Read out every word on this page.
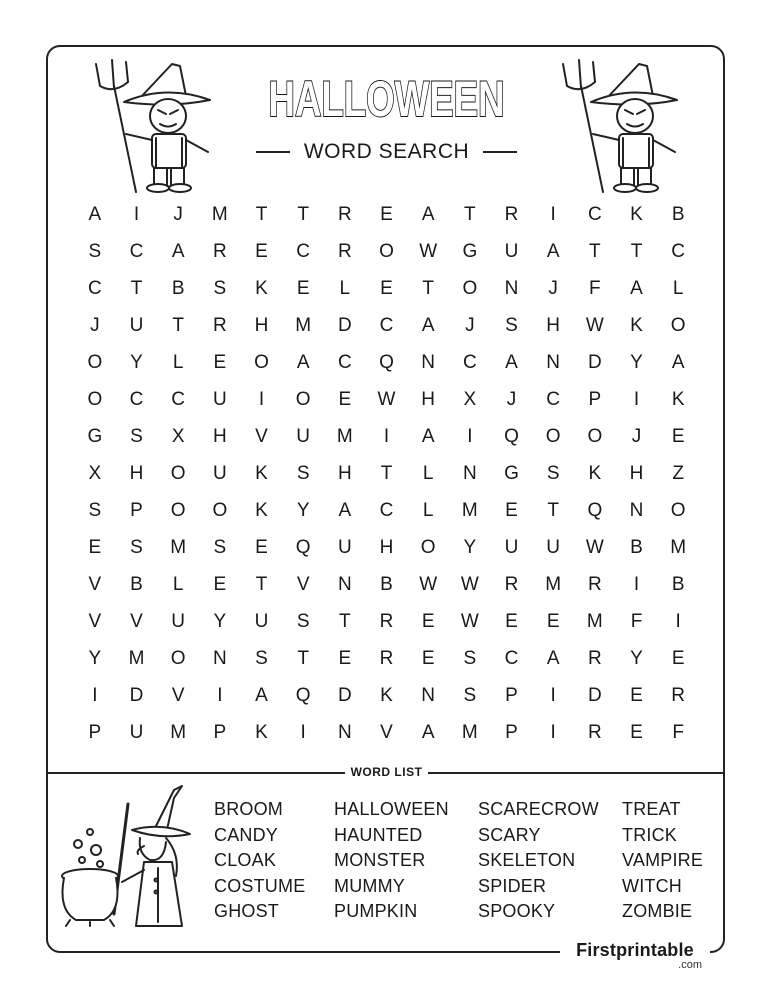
HALLOWEEN
WORD SEARCH
A	I	J	M	T	T	R	E	A	T	R	I	C	K	B
S	C	A	R	E	C	R	O	W	G	U	A	T	T	C
C	T	B	S	K	E	L	E	T	O	N	J	F	A	L
J	U	T	R	H	M	D	C	A	J	S	H	W	K	O
O	Y	L	E	O	A	C	Q	N	C	A	N	D	Y	A
O	C	C	U	I	O	E	W	H	X	J	C	P	I	K
G	S	X	H	V	U	M	I	A	I	Q	O	O	J	E
X	H	O	U	K	S	H	T	L	N	G	S	K	H	Z
S	P	O	O	K	Y	A	C	L	M	E	T	Q	N	O
E	S	M	S	E	Q	U	H	O	Y	U	U	W	B	M
V	B	L	E	T	V	N	B	W	W	R	M	R	I	B
V	V	U	Y	U	S	T	R	E	W	E	E	M	F	I
Y	M	O	N	S	T	E	R	E	S	C	A	R	Y	E
I	D	V	I	A	Q	D	K	N	S	P	I	D	E	R
P	U	M	P	K	I	N	V	A	M	P	I	R	E	F
WORD LIST
BROOM
CANDY
CLOAK
COSTUME
GHOST
HALLOWEEN
HAUNTED
MONSTER
MUMMY
PUMPKIN
SCARECROW
SCARY
SKELETON
SPIDER
SPOOKY
TREAT
TRICK
VAMPIRE
WITCH
ZOMBIE
Firstprintable
.com
